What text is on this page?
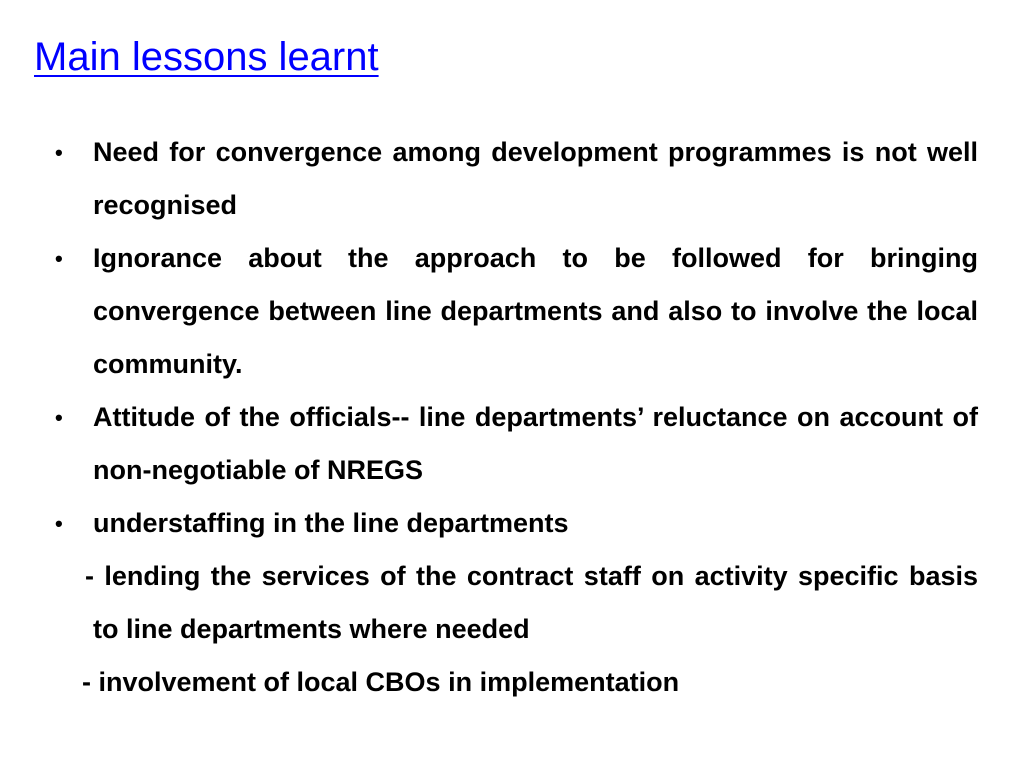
Main lessons learnt
• Need for convergence among development programmes is not well recognised
• Ignorance about the approach to be followed for bringing convergence between line departments and also to involve the local community.
• Attitude of the officials-- line departments’ reluctance on account of non-negotiable of NREGS
• understaffing in the line departments
- lending the services of the contract staff on activity specific basis to line departments where needed
- involvement of local CBOs in implementation
